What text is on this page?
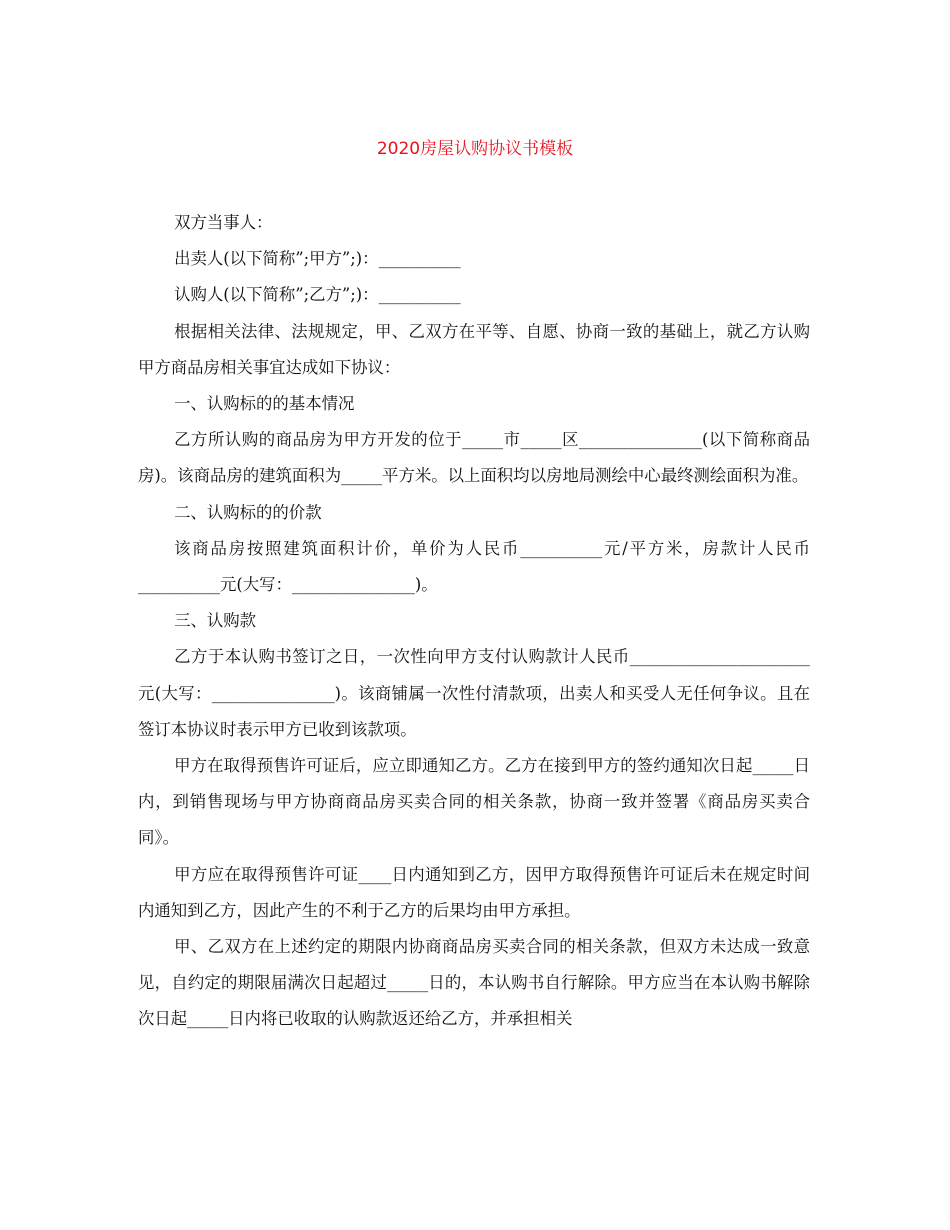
2020房屋认购协议书模板

双方当事人：

出卖人(以下简称”;甲方”;)：__________

认购人(以下简称”;乙方”;)：__________

根据相关法律、法规规定，甲、乙双方在平等、自愿、协商一致的基础上，就乙方认购甲方商品房相关事宜达成如下协议：

一、认购标的的基本情况

乙方所认购的商品房为甲方开发的位于_____市_____区_______________(以下简称商品房)。该商品房的建筑面积为_____平方米。以上面积均以房地局测绘中心最终测绘面积为准。

二、认购标的的价款

该商品房按照建筑面积计价，单价为人民币__________元/平方米，房款计人民币__________元(大写：_______________)。

三、认购款

乙方于本认购书签订之日，一次性向甲方支付认购款计人民币______________________元(大写：_______________)。该商铺属一次性付清款项，出卖人和买受人无任何争议。且在签订本协议时表示甲方已收到该款项。

甲方在取得预售许可证后，应立即通知乙方。乙方在接到甲方的签约通知次日起_____日内，到销售现场与甲方协商商品房买卖合同的相关条款，协商一致并签署《商品房买卖合同》。

甲方应在取得预售许可证____日内通知到乙方，因甲方取得预售许可证后未在规定时间内通知到乙方，因此产生的不利于乙方的后果均由甲方承担。

甲、乙双方在上述约定的期限内协商商品房买卖合同的相关条款，但双方未达成一致意见，自约定的期限届满次日起超过_____日的，本认购书自行解除。甲方应当在本认购书解除次日起_____日内将已收取的认购款返还给乙方，并承担相关
